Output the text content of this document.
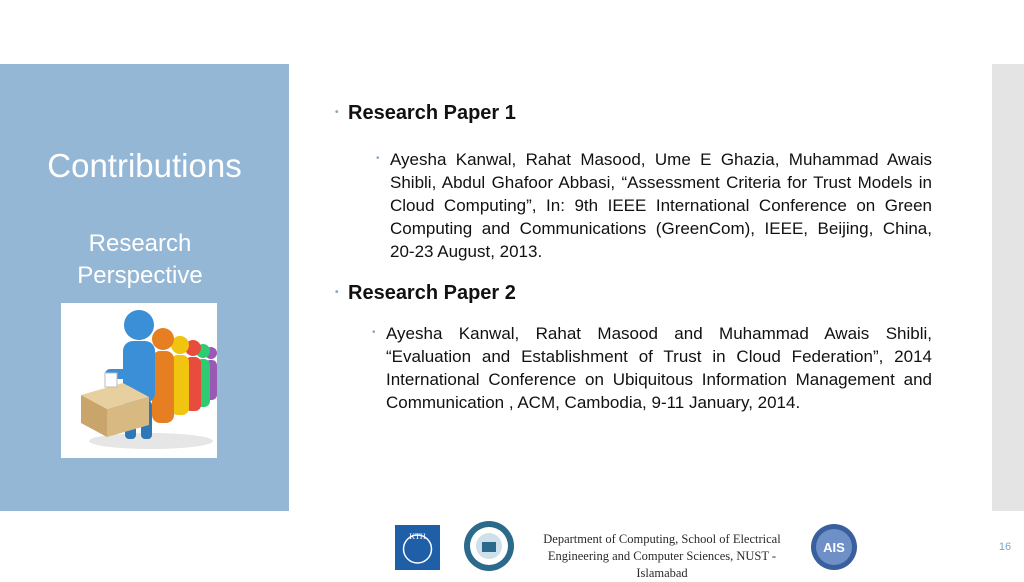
Contributions
Research Perspective
• Research Paper 1
• Ayesha Kanwal, Rahat Masood, Ume E Ghazia, Muhammad Awais Shibli, Abdul Ghafoor Abbasi, “Assessment Criteria for Trust Models in Cloud Computing”, In: 9th IEEE International Conference on Green Computing and Communications (GreenCom), IEEE, Beijing, China, 20-23 August, 2013.
• Research Paper 2
• Ayesha Kanwal, Rahat Masood and Muhammad Awais Shibli, “Evaluation and Establishment of Trust in Cloud Federation”, 2014 International Conference on Ubiquitous Information Management and Communication , ACM, Cambodia, 9-11 January, 2014.
KTH	Department of Computing, School of Electrical Engineering and Computer Sciences, NUST - Islamabad
AIS	16
